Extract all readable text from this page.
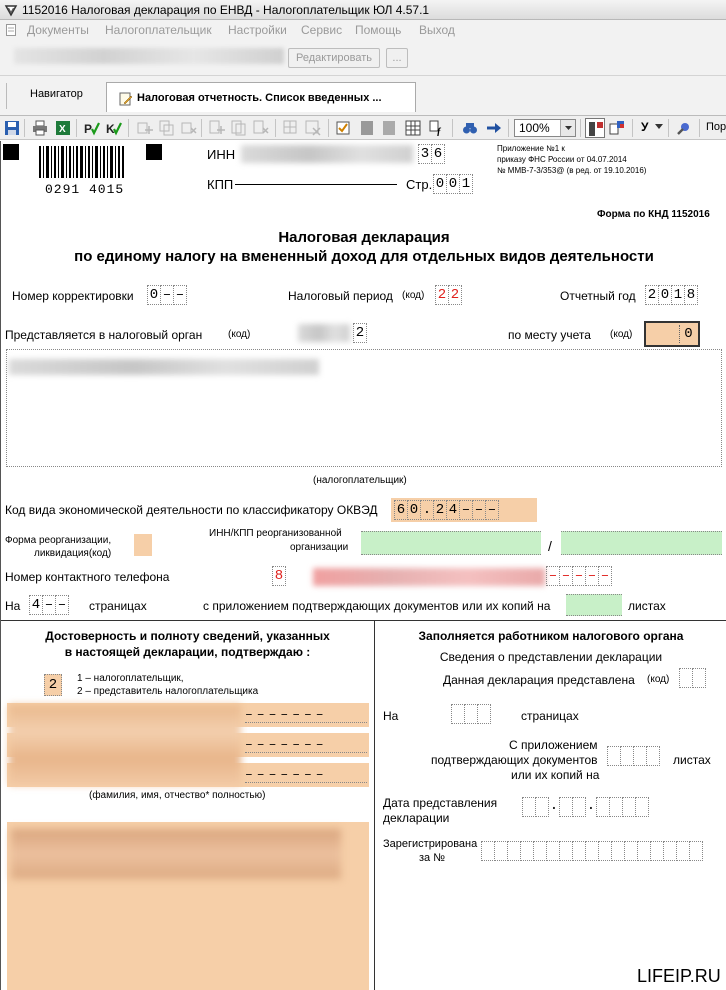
1152016 Налоговая декларация по ЕНВД - Налогоплательщик ЮЛ 4.57.1
Документы Налогоплательщик Настройки Сервис Помощь Выход
Редактировать	...
Навигатор	Налоговая отчетность. Список введенных ...
X P K	f	100%	У	Пор
0291 4015
ИНН	3 6
КПП	Стр. 0 0 1
Приложение №1 к
приказу ФНС России от 04.07.2014
№ ММВ-7-3/353@ (в ред. от 19.10.2016)
Форма по КНД 1152016
Налоговая декларация
по единому налогу на вмененный доход для отдельных видов деятельности
Номер корректировки 0 – –	Налоговый период (код) 2 2	Отчетный год 2 0 1 8
Представляется в налоговый орган	(код)	2	по месту учета (код)	0
(налогоплательщик)
Код вида экономической деятельности по классификатору ОКВЭД 6 0 . 2 4 – – –
Форма реорганизации,
ликвидация(код)
ИНН/КПП реорганизованной
организации	/
Номер контактного телефона	8	– – – – –
На 4 – – страницах	с приложением подтверждающих документов или их копий на	листах
Достоверность и полноту сведений, указанных
в настоящей декларации, подтверждаю :
2	1 – налогоплательщик,
2 – представитель налогоплательщика
–––––––
–––––––
–––––––
(фамилия, имя, отчество* полностью)
Заполняется работником налогового органа
Сведения о представлении декларации
Данная декларация представлена (код)
На	страницах
С приложением
подтверждающих документов
или их копий на
листах
Дата представления
декларации
. .
Зарегистрирована
за №
LIFEIP.RU
